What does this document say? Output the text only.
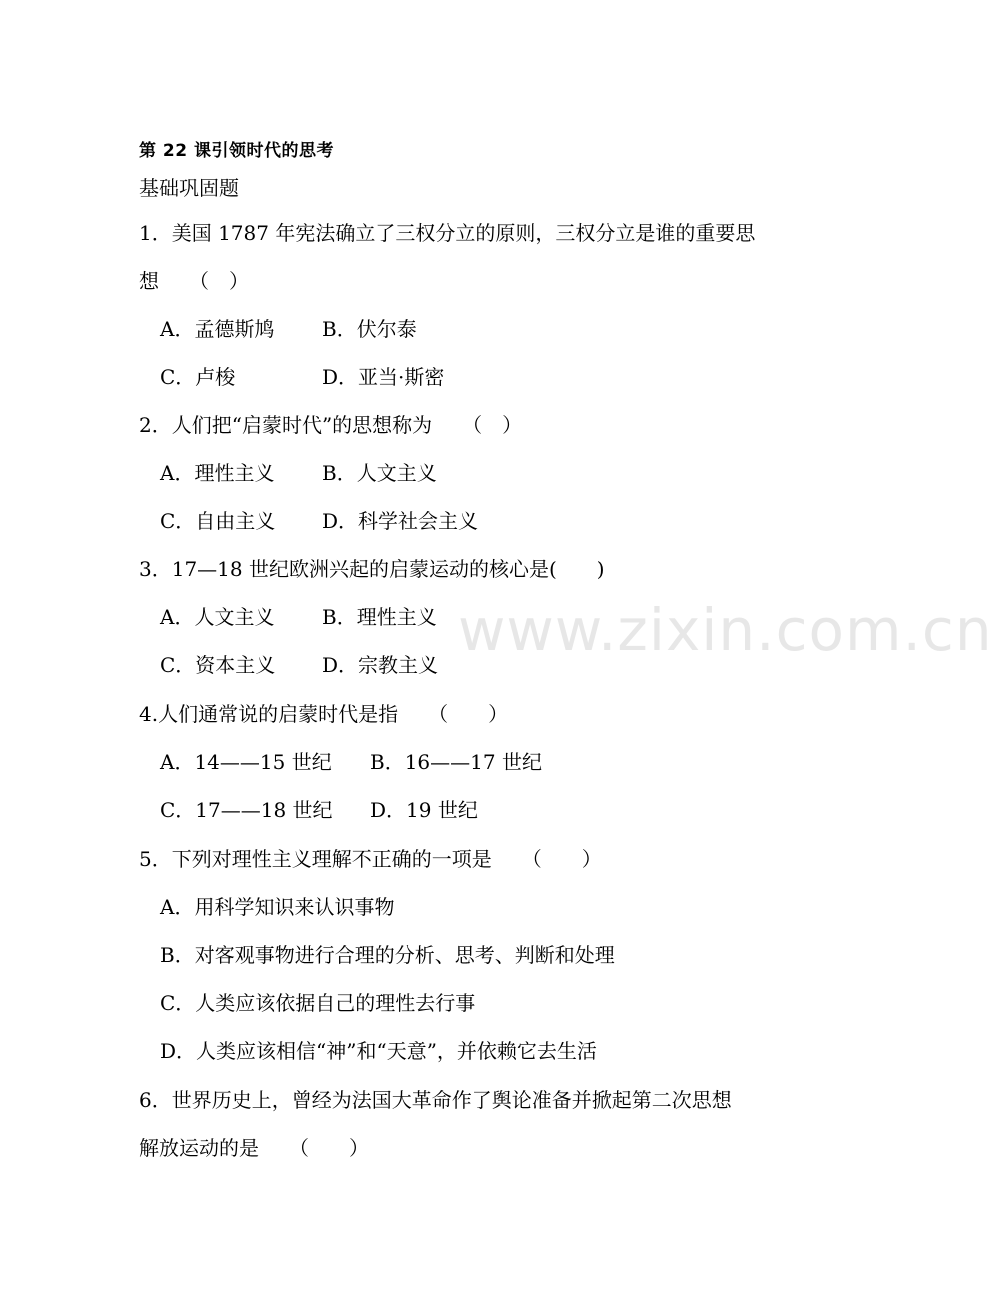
www.zixin.com.cn
第 22 课引领时代的思考
基础巩固题
1．美国 1787 年宪法确立了三权分立的原则，三权分立是谁的重要思
想　　（　）
A．孟德斯鸠 B．伏尔泰
C．卢梭	D．亚当·斯密
2．人们把“启蒙时代”的思想称为　　（　）
A．理性主义 B．人文主义
C．自由主义 D．科学社会主义
3．17—18 世纪欧洲兴起的启蒙运动的核心是(　　)
A．人文主义 B．理性主义
C．资本主义 D．宗教主义
4.人们通常说的启蒙时代是指　　（　　）
A．14——15 世纪 B．16——17 世纪
C．17——18 世纪 D．19 世纪
5．下列对理性主义理解不正确的一项是　　（　　）
A．用科学知识来认识事物
B．对客观事物进行合理的分析、思考、判断和处理
C．人类应该依据自己的理性去行事
D．人类应该相信“神”和“天意”，并依赖它去生活
6．世界历史上，曾经为法国大革命作了舆论准备并掀起第二次思想
解放运动的是　　（　　）
